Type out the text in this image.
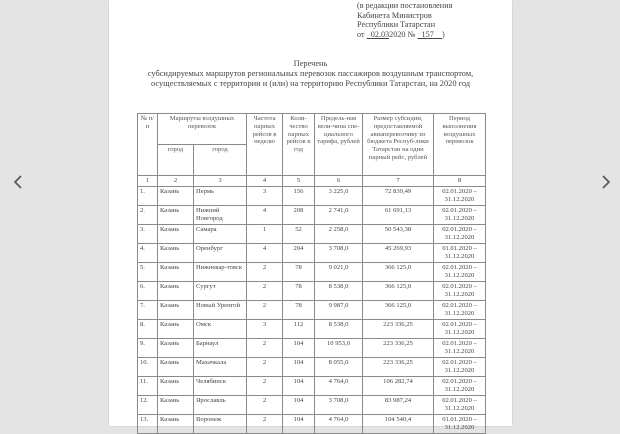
(в редакции постановления
Кабинета Министров
Республики Татарстан
от 02.032020 № 157 )
Перечень
субсидируемых маршрутов региональных перевозок пассажиров воздушным транспортом,
осуществляемых с территории и (или) на территорию Республики Татарстан, на 2020 год
№ п/п	Маршруты воздушных перевозок		Частота парных рейсов в неделю	Коли-чество парных рейсов в год	Предель-ная вели-чина спе-циального тарифа, рублей	Размер субсидии, предоставляемой авиаперевозчику из бюджета Респуб-лики Татарстан на один парный рейс, рублей	Период выполнения воздушных перевозок
	город	город					
1	2	3	4	5	6	7	8
1.	Казань	Пермь	3	156	3 225,0	72 839,49	02.01.2020 –
31.12.2020

2.	Казань	Нижний Новгород	4	208	2 741,0	61 691,13	02.01.2020 –
31.12.2020

3.	Казань	Самара	1	52	2 258,0	50 543,38	02.01.2020 –
31.12.2020

4.	Казань	Оренбург	4	204	3 708,0	45 269,93	01.01.2020 –
31.12.2020

5.	Казань	Нижневар-товск	2	78	9 021,0	366 125,0	02.01.2020 –
31.12.2020

6.	Казань	Сургут	2	78	8 538,0	366 125,0	02.01.2020 –
31.12.2020

7.	Казань	Новый Уренгой	2	78	9 987,0	366 125,0	02.01.2020 –
31.12.2020

8.	Казань	Омск	3	112	8 538,0	223 336,25	02.01.2020 –
31.12.2020

9.	Казань	Барнаул	2	104	10 953,0	223 336,25	02.01.2020 –
31.12.2020

10.	Казань	Махачкала	2	104	8 055,0	223 336,25	02.01.2020 –
31.12.2020

11.	Казань	Челябинск	2	104	4 764,0	106 282,74	02.01.2020 –
31.12.2020

12.	Казань	Ярославль	2	104	3 708,0	83 987,24	02.01.2020 –
31.12.2020

13.	Казань	Воронеж	2	104	4 764,0	104 540,4	01.01.2020 –
31.12.2020
